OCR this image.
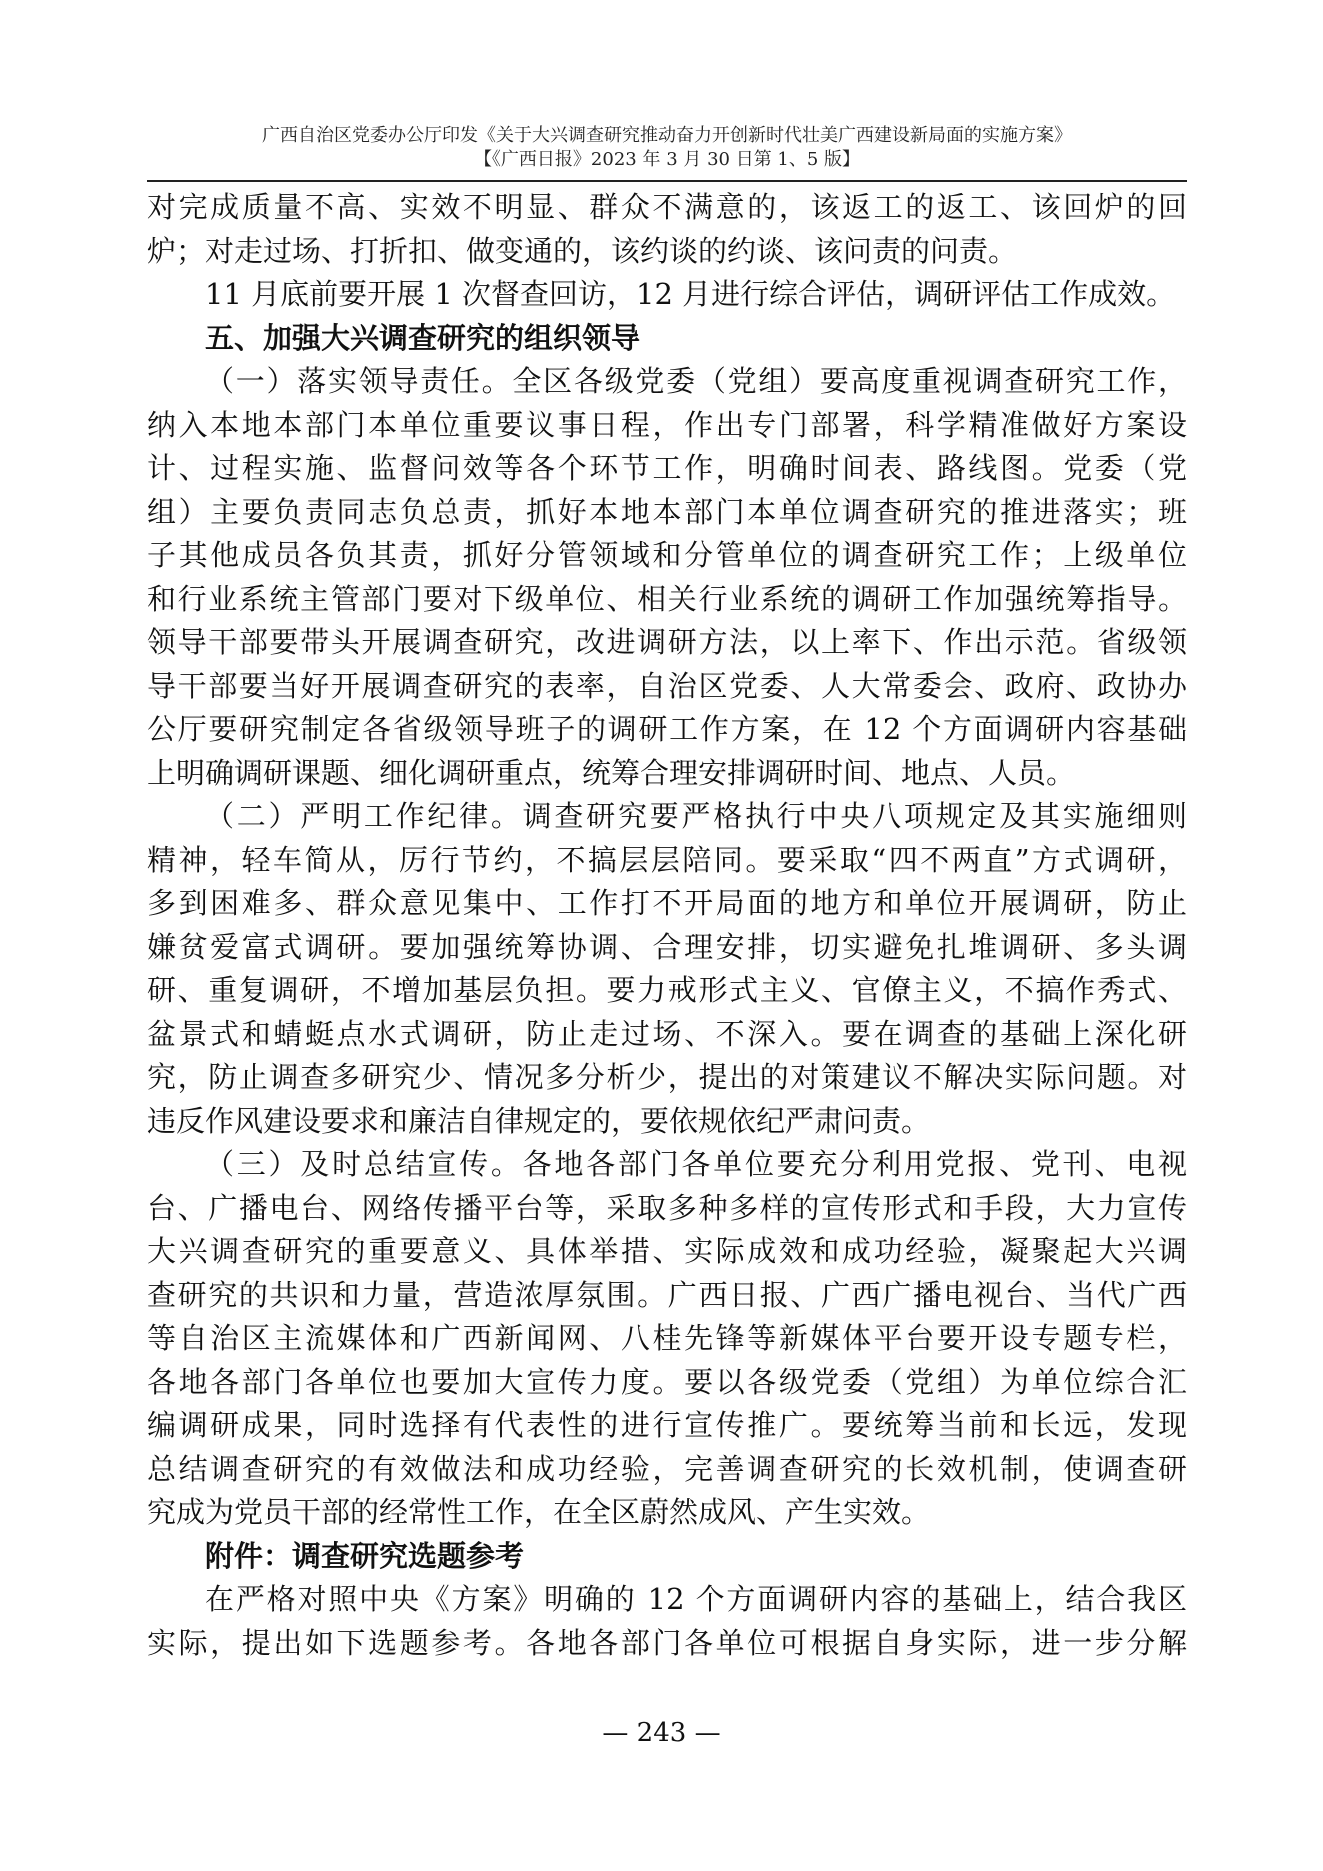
广西自治区党委办公厅印发《关于大兴调查研究推动奋力开创新时代壮美广西建设新局面的实施方案》
【《广西日报》2023 年 3 月 30 日第 1、5 版】
对完成质量不高、实效不明显、群众不满意的，该返工的返工、该回炉的回
炉；对走过场、打折扣、做变通的，该约谈的约谈、该问责的问责。
11 月底前要开展 1 次督查回访，12 月进行综合评估，调研评估工作成效。
五、加强大兴调查研究的组织领导
（一）落实领导责任。全区各级党委（党组）要高度重视调查研究工作，
纳入本地本部门本单位重要议事日程，作出专门部署，科学精准做好方案设
计、过程实施、监督问效等各个环节工作，明确时间表、路线图。党委（党
组）主要负责同志负总责，抓好本地本部门本单位调查研究的推进落实；班
子其他成员各负其责，抓好分管领域和分管单位的调查研究工作；上级单位
和行业系统主管部门要对下级单位、相关行业系统的调研工作加强统筹指导。
领导干部要带头开展调查研究，改进调研方法，以上率下、作出示范。省级领
导干部要当好开展调查研究的表率，自治区党委、人大常委会、政府、政协办
公厅要研究制定各省级领导班子的调研工作方案，在 12 个方面调研内容基础
上明确调研课题、细化调研重点，统筹合理安排调研时间、地点、人员。
（二）严明工作纪律。调查研究要严格执行中央八项规定及其实施细则
精神，轻车简从，厉行节约，不搞层层陪同。要采取“四不两直”方式调研，
多到困难多、群众意见集中、工作打不开局面的地方和单位开展调研，防止
嫌贫爱富式调研。要加强统筹协调、合理安排，切实避免扎堆调研、多头调
研、重复调研，不增加基层负担。要力戒形式主义、官僚主义，不搞作秀式、
盆景式和蜻蜓点水式调研，防止走过场、不深入。要在调查的基础上深化研
究，防止调查多研究少、情况多分析少，提出的对策建议不解决实际问题。对
违反作风建设要求和廉洁自律规定的，要依规依纪严肃问责。
（三）及时总结宣传。各地各部门各单位要充分利用党报、党刊、电视
台、广播电台、网络传播平台等，采取多种多样的宣传形式和手段，大力宣传
大兴调查研究的重要意义、具体举措、实际成效和成功经验，凝聚起大兴调
查研究的共识和力量，营造浓厚氛围。广西日报、广西广播电视台、当代广西
等自治区主流媒体和广西新闻网、八桂先锋等新媒体平台要开设专题专栏，
各地各部门各单位也要加大宣传力度。要以各级党委（党组）为单位综合汇
编调研成果，同时选择有代表性的进行宣传推广。要统筹当前和长远，发现
总结调查研究的有效做法和成功经验，完善调查研究的长效机制，使调查研
究成为党员干部的经常性工作，在全区蔚然成风、产生实效。
附件：调查研究选题参考
在严格对照中央《方案》明确的 12 个方面调研内容的基础上，结合我区
实际，提出如下选题参考。各地各部门各单位可根据自身实际，进一步分解
— 243 —
